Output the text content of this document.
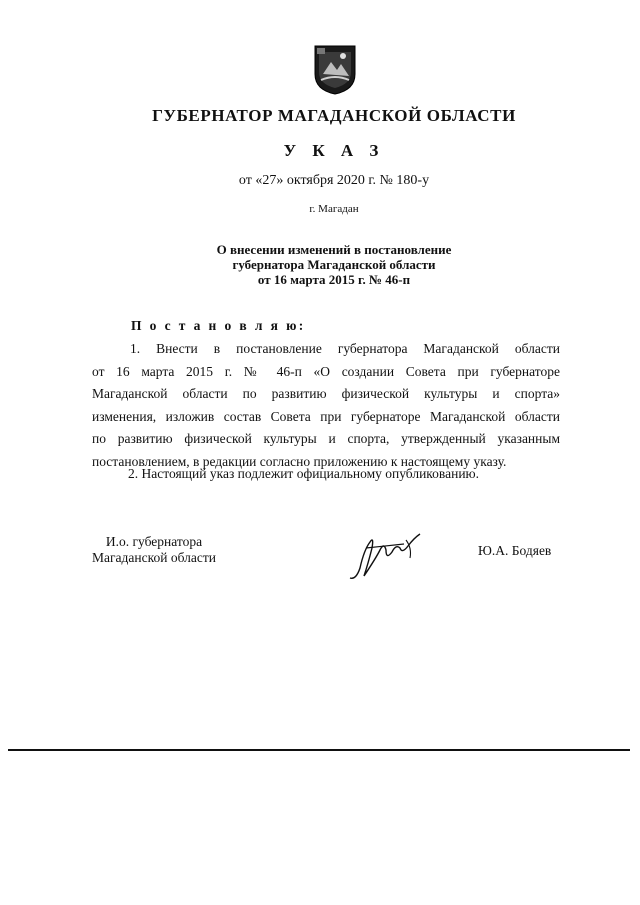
ГУБЕРНАТОР МАГАДАНСКОЙ ОБЛАСТИ
У К А З
от «27» октября 2020 г. № 180-у
г. Магадан
О внесении изменений в постановление
губернатора Магаданской области
от 16 марта 2015 г. № 46-п
П о с т а н о в л я ю:
1. Внести в постановление губернатора Магаданской области
от 16 марта 2015 г. № 46-п «О создании Совета при губернаторе
Магаданской области по развитию физической культуры и спорта»
изменения, изложив состав Совета при губернаторе Магаданской области
по развитию физической культуры и спорта, утвержденный указанным
постановлением, в редакции согласно приложению к настоящему указу.
2. Настоящий указ подлежит официальному опубликованию.
И.о. губернатора
Магаданской области	Ю.А. Бодяев
